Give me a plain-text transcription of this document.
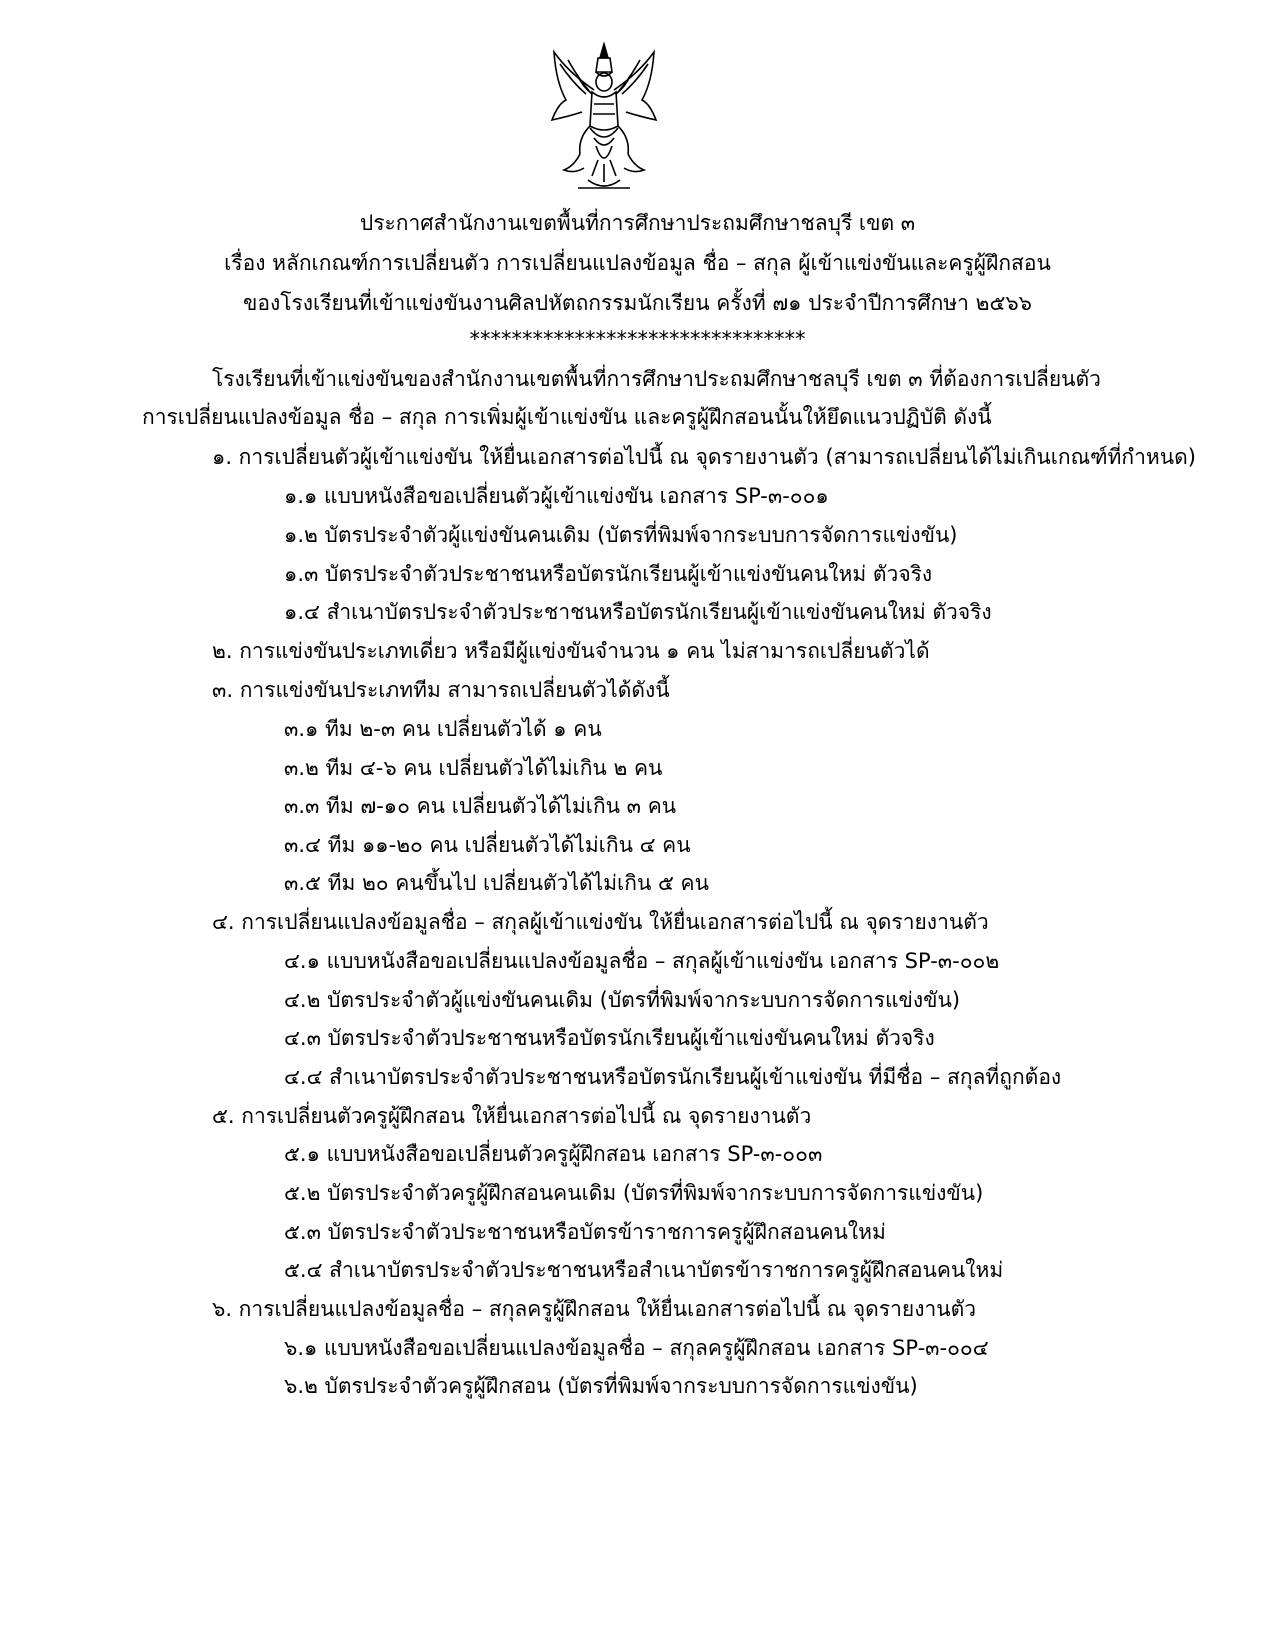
ประกาศสำนักงานเขตพื้นที่การศึกษาประถมศึกษาชลบุรี เขต ๓
เรื่อง หลักเกณฑ์การเปลี่ยนตัว การเปลี่ยนแปลงข้อมูล ชื่อ – สกุล ผู้เข้าแข่งขันและครูผู้ฝึกสอน
ของโรงเรียนที่เข้าแข่งขันงานศิลปหัตถกรรมนักเรียน ครั้งที่ ๗๑ ประจำปีการศึกษา ๒๕๖๖
********************************
โรงเรียนที่เข้าแข่งขันของสำนักงานเขตพื้นที่การศึกษาประถมศึกษาชลบุรี เขต ๓ ที่ต้องการเปลี่ยนตัว
การเปลี่ยนแปลงข้อมูล ชื่อ – สกุล การเพิ่มผู้เข้าแข่งขัน และครูผู้ฝึกสอนนั้นให้ยึดแนวปฏิบัติ ดังนี้
๑. การเปลี่ยนตัวผู้เข้าแข่งขัน ให้ยื่นเอกสารต่อไปนี้ ณ จุดรายงานตัว (สามารถเปลี่ยนได้ไม่เกินเกณฑ์ที่กำหนด)
๑.๑ แบบหนังสือขอเปลี่ยนตัวผู้เข้าแข่งขัน เอกสาร SP-๓-๐๐๑
๑.๒ บัตรประจำตัวผู้แข่งขันคนเดิม (บัตรที่พิมพ์จากระบบการจัดการแข่งขัน)
๑.๓ บัตรประจำตัวประชาชนหรือบัตรนักเรียนผู้เข้าแข่งขันคนใหม่ ตัวจริง
๑.๔ สำเนาบัตรประจำตัวประชาชนหรือบัตรนักเรียนผู้เข้าแข่งขันคนใหม่ ตัวจริง
๒. การแข่งขันประเภทเดี่ยว หรือมีผู้แข่งขันจำนวน ๑ คน ไม่สามารถเปลี่ยนตัวได้
๓. การแข่งขันประเภททีม สามารถเปลี่ยนตัวได้ดังนี้
๓.๑ ทีม ๒-๓ คน เปลี่ยนตัวได้ ๑ คน
๓.๒ ทีม ๔-๖ คน เปลี่ยนตัวได้ไม่เกิน ๒ คน
๓.๓ ทีม ๗-๑๐ คน เปลี่ยนตัวได้ไม่เกิน ๓ คน
๓.๔ ทีม ๑๑-๒๐ คน เปลี่ยนตัวได้ไม่เกิน ๔ คน
๓.๕ ทีม ๒๐ คนขึ้นไป เปลี่ยนตัวได้ไม่เกิน ๕ คน
๔. การเปลี่ยนแปลงข้อมูลชื่อ – สกุลผู้เข้าแข่งขัน ให้ยื่นเอกสารต่อไปนี้ ณ จุดรายงานตัว
๔.๑ แบบหนังสือขอเปลี่ยนแปลงข้อมูลชื่อ – สกุลผู้เข้าแข่งขัน เอกสาร SP-๓-๐๐๒
๔.๒ บัตรประจำตัวผู้แข่งขันคนเดิม (บัตรที่พิมพ์จากระบบการจัดการแข่งขัน)
๔.๓ บัตรประจำตัวประชาชนหรือบัตรนักเรียนผู้เข้าแข่งขันคนใหม่ ตัวจริง
๔.๔ สำเนาบัตรประจำตัวประชาชนหรือบัตรนักเรียนผู้เข้าแข่งขัน ที่มีชื่อ – สกุลที่ถูกต้อง
๕. การเปลี่ยนตัวครูผู้ฝึกสอน ให้ยื่นเอกสารต่อไปนี้ ณ จุดรายงานตัว
๕.๑ แบบหนังสือขอเปลี่ยนตัวครูผู้ฝึกสอน เอกสาร SP-๓-๐๐๓
๕.๒ บัตรประจำตัวครูผู้ฝึกสอนคนเดิม (บัตรที่พิมพ์จากระบบการจัดการแข่งขัน)
๕.๓ บัตรประจำตัวประชาชนหรือบัตรข้าราชการครูผู้ฝึกสอนคนใหม่
๕.๔ สำเนาบัตรประจำตัวประชาชนหรือสำเนาบัตรข้าราชการครูผู้ฝึกสอนคนใหม่
๖. การเปลี่ยนแปลงข้อมูลชื่อ – สกุลครูผู้ฝึกสอน ให้ยื่นเอกสารต่อไปนี้ ณ จุดรายงานตัว
๖.๑ แบบหนังสือขอเปลี่ยนแปลงข้อมูลชื่อ – สกุลครูผู้ฝึกสอน เอกสาร SP-๓-๐๐๔
๖.๒ บัตรประจำตัวครูผู้ฝึกสอน (บัตรที่พิมพ์จากระบบการจัดการแข่งขัน)
